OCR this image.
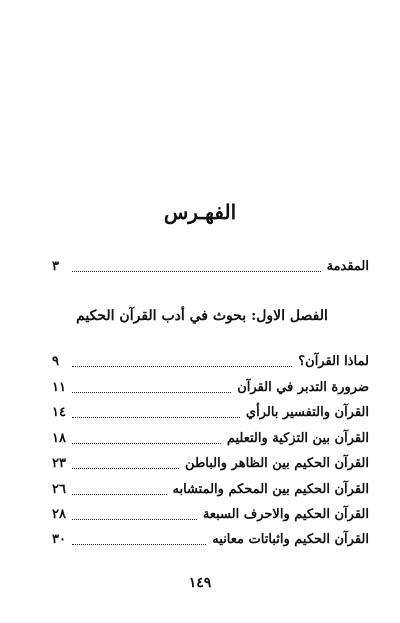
الفهـرس
المقدمة
٣
الفصل الاول: بحوث في أدب القرآن الحكيم
لماذا القرآن؟
٩
ضرورة التدبر في القرآن
١١
القرآن والتفسير بالرأي
١٤
القرآن بين التزكية والتعليم
١٨
القرآن الحكيم بين الظاهر والباطن
٢٣
القرآن الحكيم بين المحكم والمتشابه
٢٦
القرآن الحكيم والاحرف السبعة
٢٨
القرآن الحكيم واثباتات معانيه
٣٠
١٤٩
